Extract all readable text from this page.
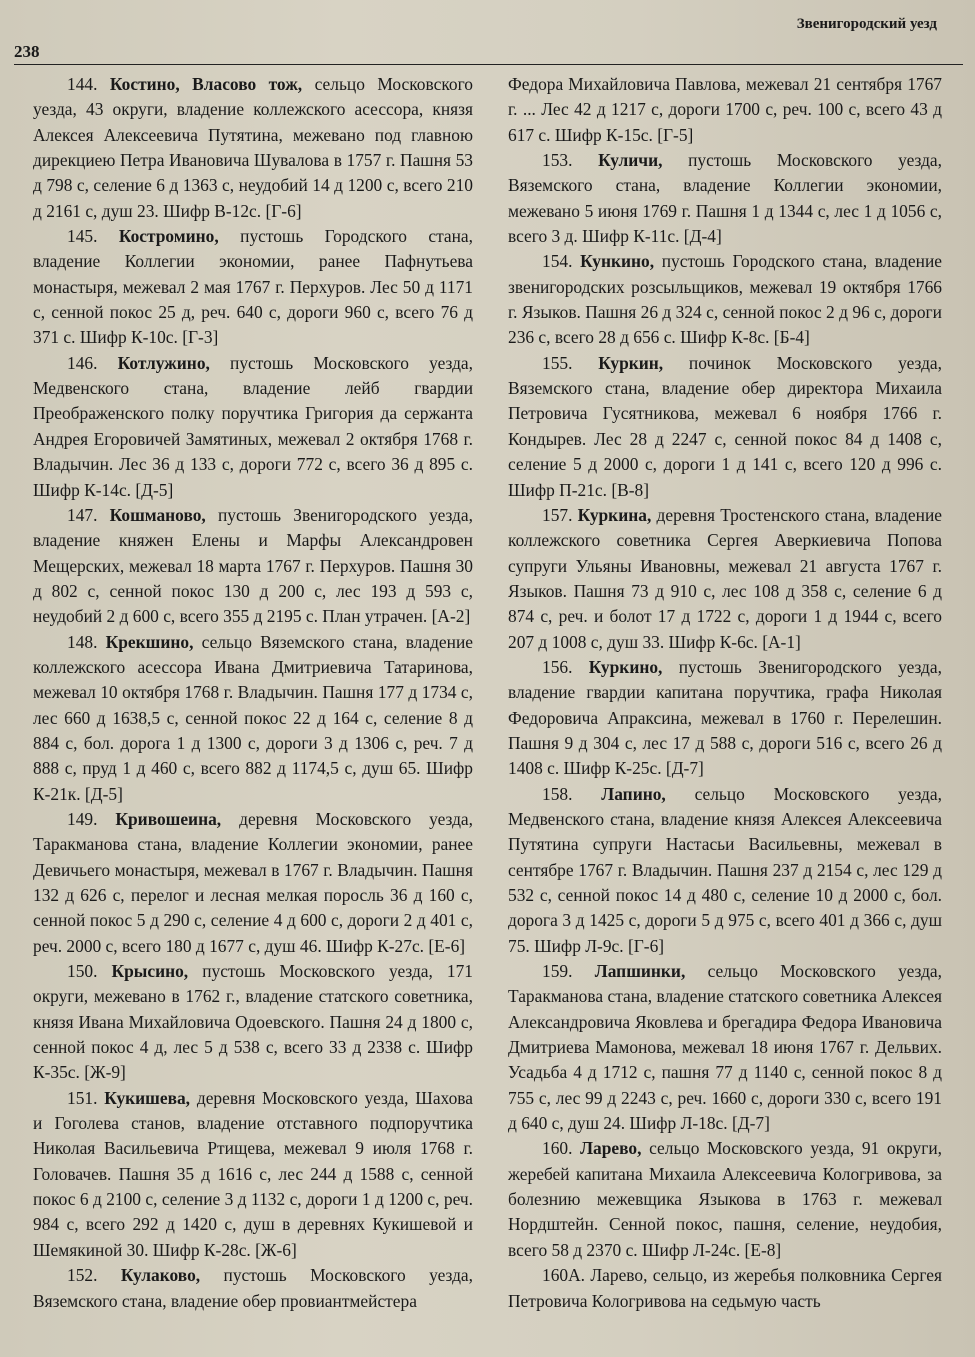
Звенигородский уезд
238

144. Костино, Власово тож, сельцо Московского уезда, 43 округи, владение коллежского асессора, князя Алексея Алексеевича Путятина, межевано под главною дирекциею Петра Ивановича Шувалова в 1757 г. Пашня 53 д 798 с, селение 6 д 1363 с, неудобий 14 д 1200 с, всего 210 д 2161 с, душ 23. Шифр В-12с. [Г-6]

145. Костромино, пустошь Городского стана, владение Коллегии экономии, ранее Пафнутьева монастыря, межевал 2 мая 1767 г. Перхуров. Лес 50 д 1171 с, сенной покос 25 д, реч. 640 с, дороги 960 с, всего 76 д 371 с. Шифр К-10с. [Г-3]

146. Котлужино, пустошь Московского уезда, Медвенского стана, владение лейб гвардии Преображенского полку поручтика Григория да сержанта Андрея Егоровичей Замятиных, межевал 2 октября 1768 г. Владычин. Лес 36 д 133 с, дороги 772 с, всего 36 д 895 с. Шифр К-14с. [Д-5]

147. Кошманово, пустошь Звенигородского уезда, владение княжен Елены и Марфы Александровен Мещерских, межевал 18 марта 1767 г. Перхуров. Пашня 30 д 802 с, сенной покос 130 д 200 с, лес 193 д 593 с, неудобий 2 д 600 с, всего 355 д 2195 с. План утрачен. [А-2]

148. Крекшино, сельцо Вяземского стана, владение коллежского асессора Ивана Дмитриевича Татаринова, межевал 10 октября 1768 г. Владычин. Пашня 177 д 1734 с, лес 660 д 1638,5 с, сенной покос 22 д 164 с, селение 8 д 884 с, бол. дорога 1 д 1300 с, дороги 3 д 1306 с, реч. 7 д 888 с, пруд 1 д 460 с, всего 882 д 1174,5 с, душ 65. Шифр К-21к. [Д-5]

149. Кривошеина, деревня Московского уезда, Таракманова стана, владение Коллегии экономии, ранее Девичьего монастыря, межевал в 1767 г. Владычин. Пашня 132 д 626 с, перелог и лесная мелкая поросль 36 д 160 с, сенной покос 5 д 290 с, селение 4 д 600 с, дороги 2 д 401 с, реч. 2000 с, всего 180 д 1677 с, душ 46. Шифр К-27с. [Е-6]

150. Крысино, пустошь Московского уезда, 171 округи, межевано в 1762 г., владение статского советника, князя Ивана Михайловича Одоевского. Пашня 24 д 1800 с, сенной покос 4 д, лес 5 д 538 с, всего 33 д 2338 с. Шифр К-35с. [Ж-9]

151. Кукишева, деревня Московского уезда, Шахова и Гоголева станов, владение отставного подпоручтика Николая Васильевича Ртищева, межевал 9 июля 1768 г. Головачев. Пашня 35 д 1616 с, лес 244 д 1588 с, сенной покос 6 д 2100 с, селение 3 д 1132 с, дороги 1 д 1200 с, реч. 984 с, всего 292 д 1420 с, душ в деревнях Кукишевой и Шемякиной 30. Шифр К-28с. [Ж-6]

152. Кулаково, пустошь Московского уезда, Вяземского стана, владение обер провиантмейстера

Федора Михайловича Павлова, межевал 21 сентября 1767 г. ... Лес 42 д 1217 с, дороги 1700 с, реч. 100 с, всего 43 д 617 с. Шифр К-15с. [Г-5]

153. Куличи, пустошь Московского уезда, Вяземского стана, владение Коллегии экономии, межевано 5 июня 1769 г. Пашня 1 д 1344 с, лес 1 д 1056 с, всего 3 д. Шифр К-11с. [Д-4]

154. Кункино, пустошь Городского стана, владение звенигородских розсыльщиков, межевал 19 октября 1766 г. Языков. Пашня 26 д 324 с, сенной покос 2 д 96 с, дороги 236 с, всего 28 д 656 с. Шифр К-8с. [Б-4]

155. Куркин, починок Московского уезда, Вяземского стана, владение обер директора Михаила Петровича Гусятникова, межевал 6 ноября 1766 г. Кондырев. Лес 28 д 2247 с, сенной покос 84 д 1408 с, селение 5 д 2000 с, дороги 1 д 141 с, всего 120 д 996 с. Шифр П-21с. [В-8]

157. Куркина, деревня Тростенского стана, владение коллежского советника Сергея Аверкиевича Попова супруги Ульяны Ивановны, межевал 21 августа 1767 г. Языков. Пашня 73 д 910 с, лес 108 д 358 с, селение 6 д 874 с, реч. и болот 17 д 1722 с, дороги 1 д 1944 с, всего 207 д 1008 с, душ 33. Шифр К-6с. [А-1]

156. Куркино, пустошь Звенигородского уезда, владение гвардии капитана поручтика, графа Николая Федоровича Апраксина, межевал в 1760 г. Перелешин. Пашня 9 д 304 с, лес 17 д 588 с, дороги 516 с, всего 26 д 1408 с. Шифр К-25с. [Д-7]

158. Лапино, сельцо Московского уезда, Медвенского стана, владение князя Алексея Алексеевича Путятина супруги Настасьи Васильевны, межевал в сентябре 1767 г. Владычин. Пашня 237 д 2154 с, лес 129 д 532 с, сенной покос 14 д 480 с, селение 10 д 2000 с, бол. дорога 3 д 1425 с, дороги 5 д 975 с, всего 401 д 366 с, душ 75. Шифр Л-9с. [Г-6]

159. Лапшинки, сельцо Московского уезда, Таракманова стана, владение статского советника Алексея Александровича Яковлева и брегадира Федора Ивановича Дмитриева Мамонова, межевал 18 июня 1767 г. Дельвих. Усадьба 4 д 1712 с, пашня 77 д 1140 с, сенной покос 8 д 755 с, лес 99 д 2243 с, реч. 1660 с, дороги 330 с, всего 191 д 640 с, душ 24. Шифр Л-18с. [Д-7]

160. Ларево, сельцо Московского уезда, 91 округи, жеребей капитана Михаила Алексеевича Кологривова, за болезнию межевщика Языкова в 1763 г. межевал Нордштейн. Сенной покос, пашня, селение, неудобия, всего 58 д 2370 с. Шифр Л-24с. [Е-8]

160А. Ларево, сельцо, из жеребья полковника Сергея Петровича Кологривова на седьмую часть
